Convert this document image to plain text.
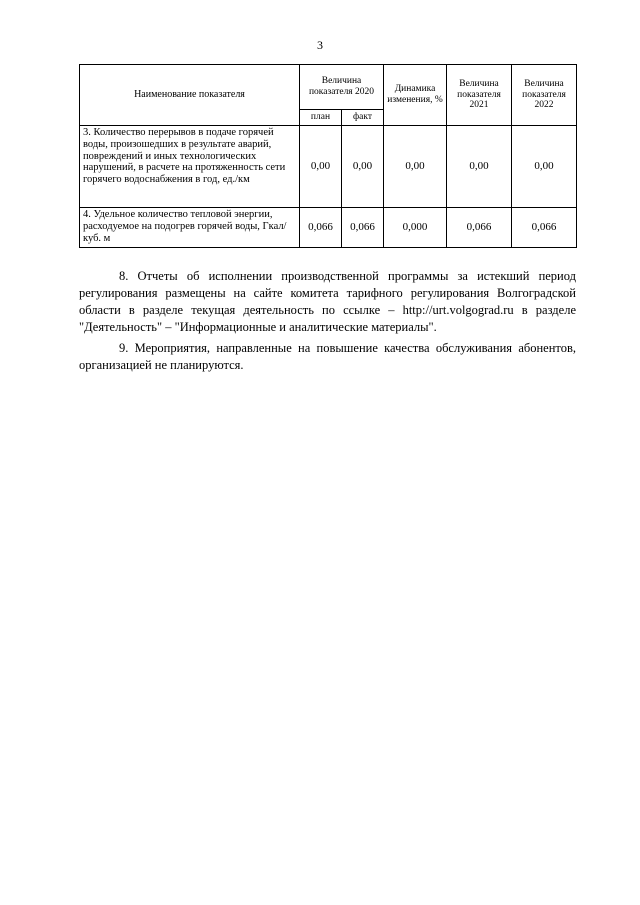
3
Наименование показателя	Величина показателя 2020		Динамика изменения, %	Величина показателя 2021	Величина показателя 2022
	план	факт			
3. Количество перерывов в подаче горячей воды, произошедших в результате аварий, повреждений и иных технологических нарушений, в расчете на протяженность сети горячего водоснабжения в год, ед./км	0,00	0,00	0,00	0,00	0,00
4. Удельное количество тепловой энергии, расходуемое на подогрев горячей воды, Гкал/куб. м	0,066	0,066	0,000	0,066	0,066

8. Отчеты об исполнении производственной программы за истекший период регулирования размещены на сайте комитета тарифного регулирования Волгоградской области в разделе текущая деятельность по ссылке – http://urt.volgograd.ru в разделе "Деятельность" – "Информационные и аналитические материалы".

9. Мероприятия, направленные на повышение качества обслуживания абонентов, организацией не планируются.
